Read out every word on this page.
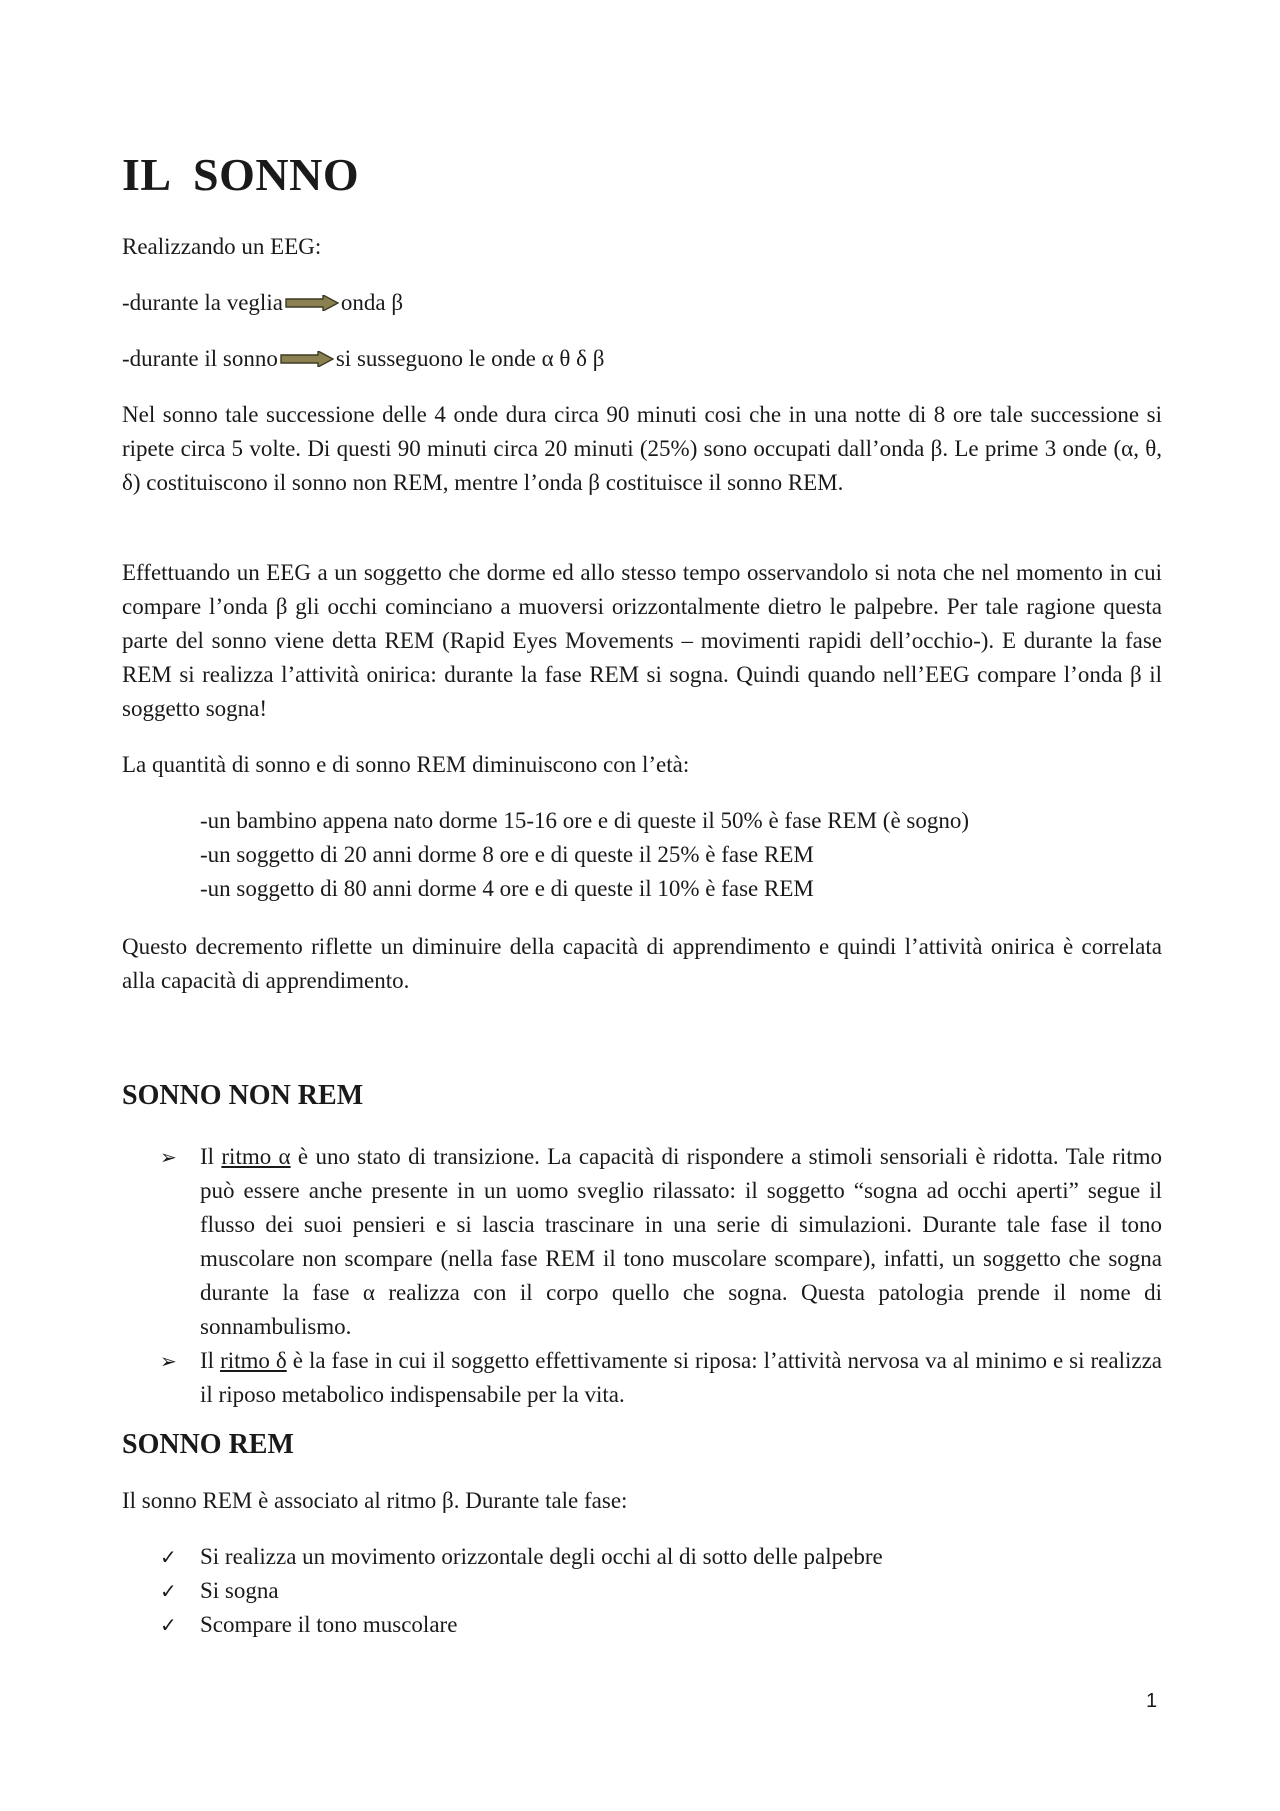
IL  SONNO

Realizzando un EEG:

-durante la veglia	onda β

-durante il sonno	si susseguono le onde α θ δ β

Nel sonno tale successione delle 4 onde dura circa 90 minuti cosi che in una notte di 8 ore tale successione si ripete circa 5 volte. Di questi 90 minuti circa 20 minuti (25%) sono occupati dall’onda β. Le prime 3 onde (α, θ, δ) costituiscono il sonno non REM, mentre l’onda β costituisce il sonno REM.

Effettuando un EEG a un soggetto che dorme ed allo stesso tempo osservandolo si nota che nel momento in cui compare l’onda β gli occhi cominciano a muoversi orizzontalmente dietro le palpebre. Per tale ragione questa parte del sonno viene detta REM (Rapid Eyes Movements – movimenti rapidi dell’occhio-). E durante la fase REM si realizza l’attività onirica: durante la fase REM si sogna. Quindi quando nell’EEG compare l’onda β il soggetto sogna!

La quantità di sonno e di sonno REM diminuiscono con l’età:

-un bambino appena nato dorme 15-16 ore e di queste il 50% è fase REM (è sogno)

-un soggetto di 20 anni dorme 8 ore e di queste il 25% è fase REM

-un soggetto di 80 anni dorme 4 ore e di queste il 10% è fase REM

Questo decremento riflette un diminuire della capacità di apprendimento e quindi l’attività onirica è correlata alla capacità di apprendimento.

SONNO NON REM
➢ Il ritmo α è uno stato di transizione. La capacità di rispondere a stimoli sensoriali è ridotta. Tale ritmo può essere anche presente in un uomo sveglio rilassato: il soggetto “sogna ad occhi aperti” segue il flusso dei suoi pensieri e si lascia trascinare in una serie di simulazioni. Durante tale fase il tono muscolare non scompare (nella fase REM il tono muscolare scompare), infatti, un soggetto che sogna durante la fase α realizza con il corpo quello che sogna. Questa patologia prende il nome di sonnambulismo.
➢ Il ritmo δ è la fase in cui il soggetto effettivamente si riposa: l’attività nervosa va al minimo e si realizza il riposo metabolico indispensabile per la vita.
SONNO REM

Il sonno REM è associato al ritmo β. Durante tale fase:

✓ Si realizza un movimento orizzontale degli occhi al di sotto delle palpebre
✓ Si sogna
✓ Scompare il tono muscolare
1
